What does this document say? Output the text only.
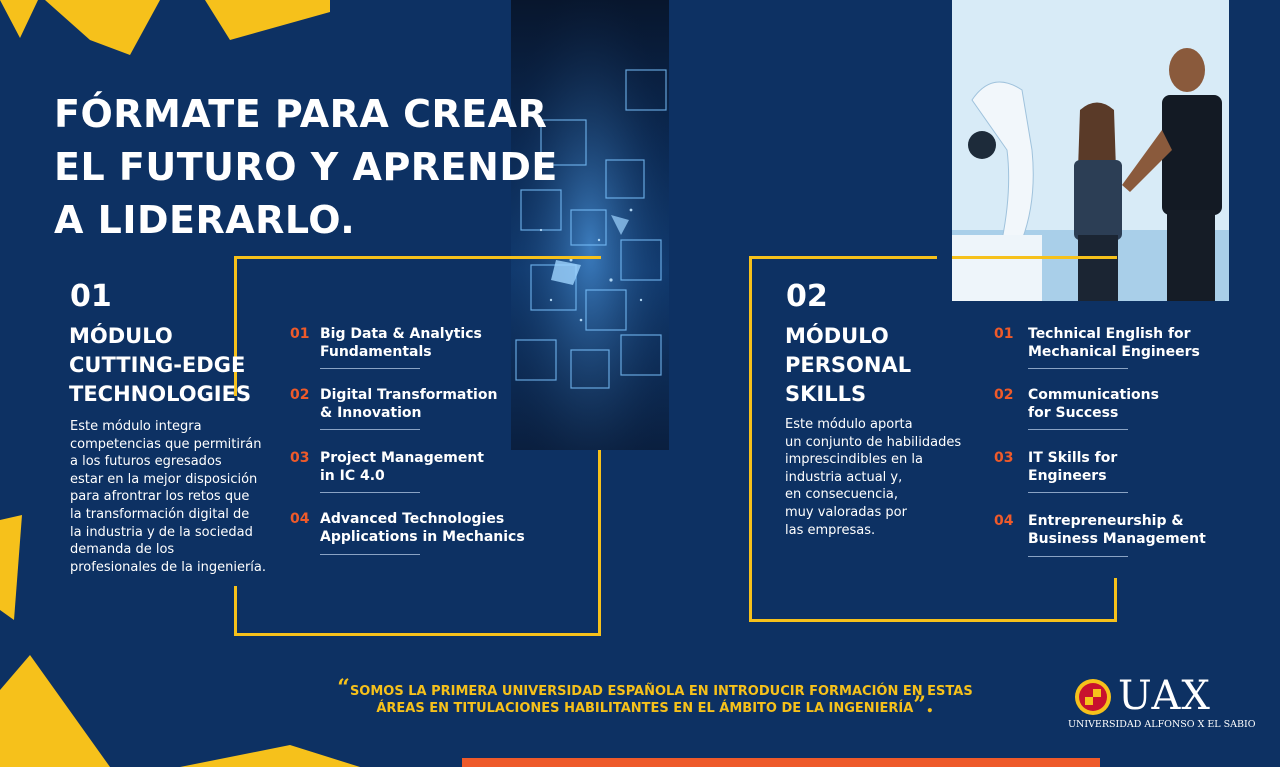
FÓRMATE PARA CREAR
EL FUTURO Y APRENDE
A LIDERARLO.
01
MÓDULO
CUTTING-EDGE
TECHNOLOGIES
Este módulo integra
competencias que permitirán
a los futuros egresados
estar en la mejor disposición
para afrontrar los retos que
la transformación digital de
la industria y de la sociedad
demanda de los
profesionales de la ingeniería.
01 Big Data & Analytics
Fundamentals
02 Digital Transformation
& Innovation
03 Project Management
in IC 4.0
04 Advanced Technologies
Applications in Mechanics
02
MÓDULO
PERSONAL
SKILLS
Este módulo aporta
un conjunto de habilidades
imprescindibles en la
industria actual y,
en consecuencia,
muy valoradas por
las empresas.
01 Technical English for
Mechanical Engineers
02 Communications
for Success
03 IT Skills for
Engineers
04 Entrepreneurship &
Business Management
“SOMOS LA PRIMERA UNIVERSIDAD ESPAÑOLA EN INTRODUCIR FORMACIÓN EN ESTAS
ÁREAS EN TITULACIONES HABILITANTES EN EL ÁMBITO DE LA INGENIERÍA”.	UAX
UNIVERSIDAD ALFONSO X EL SABIO
